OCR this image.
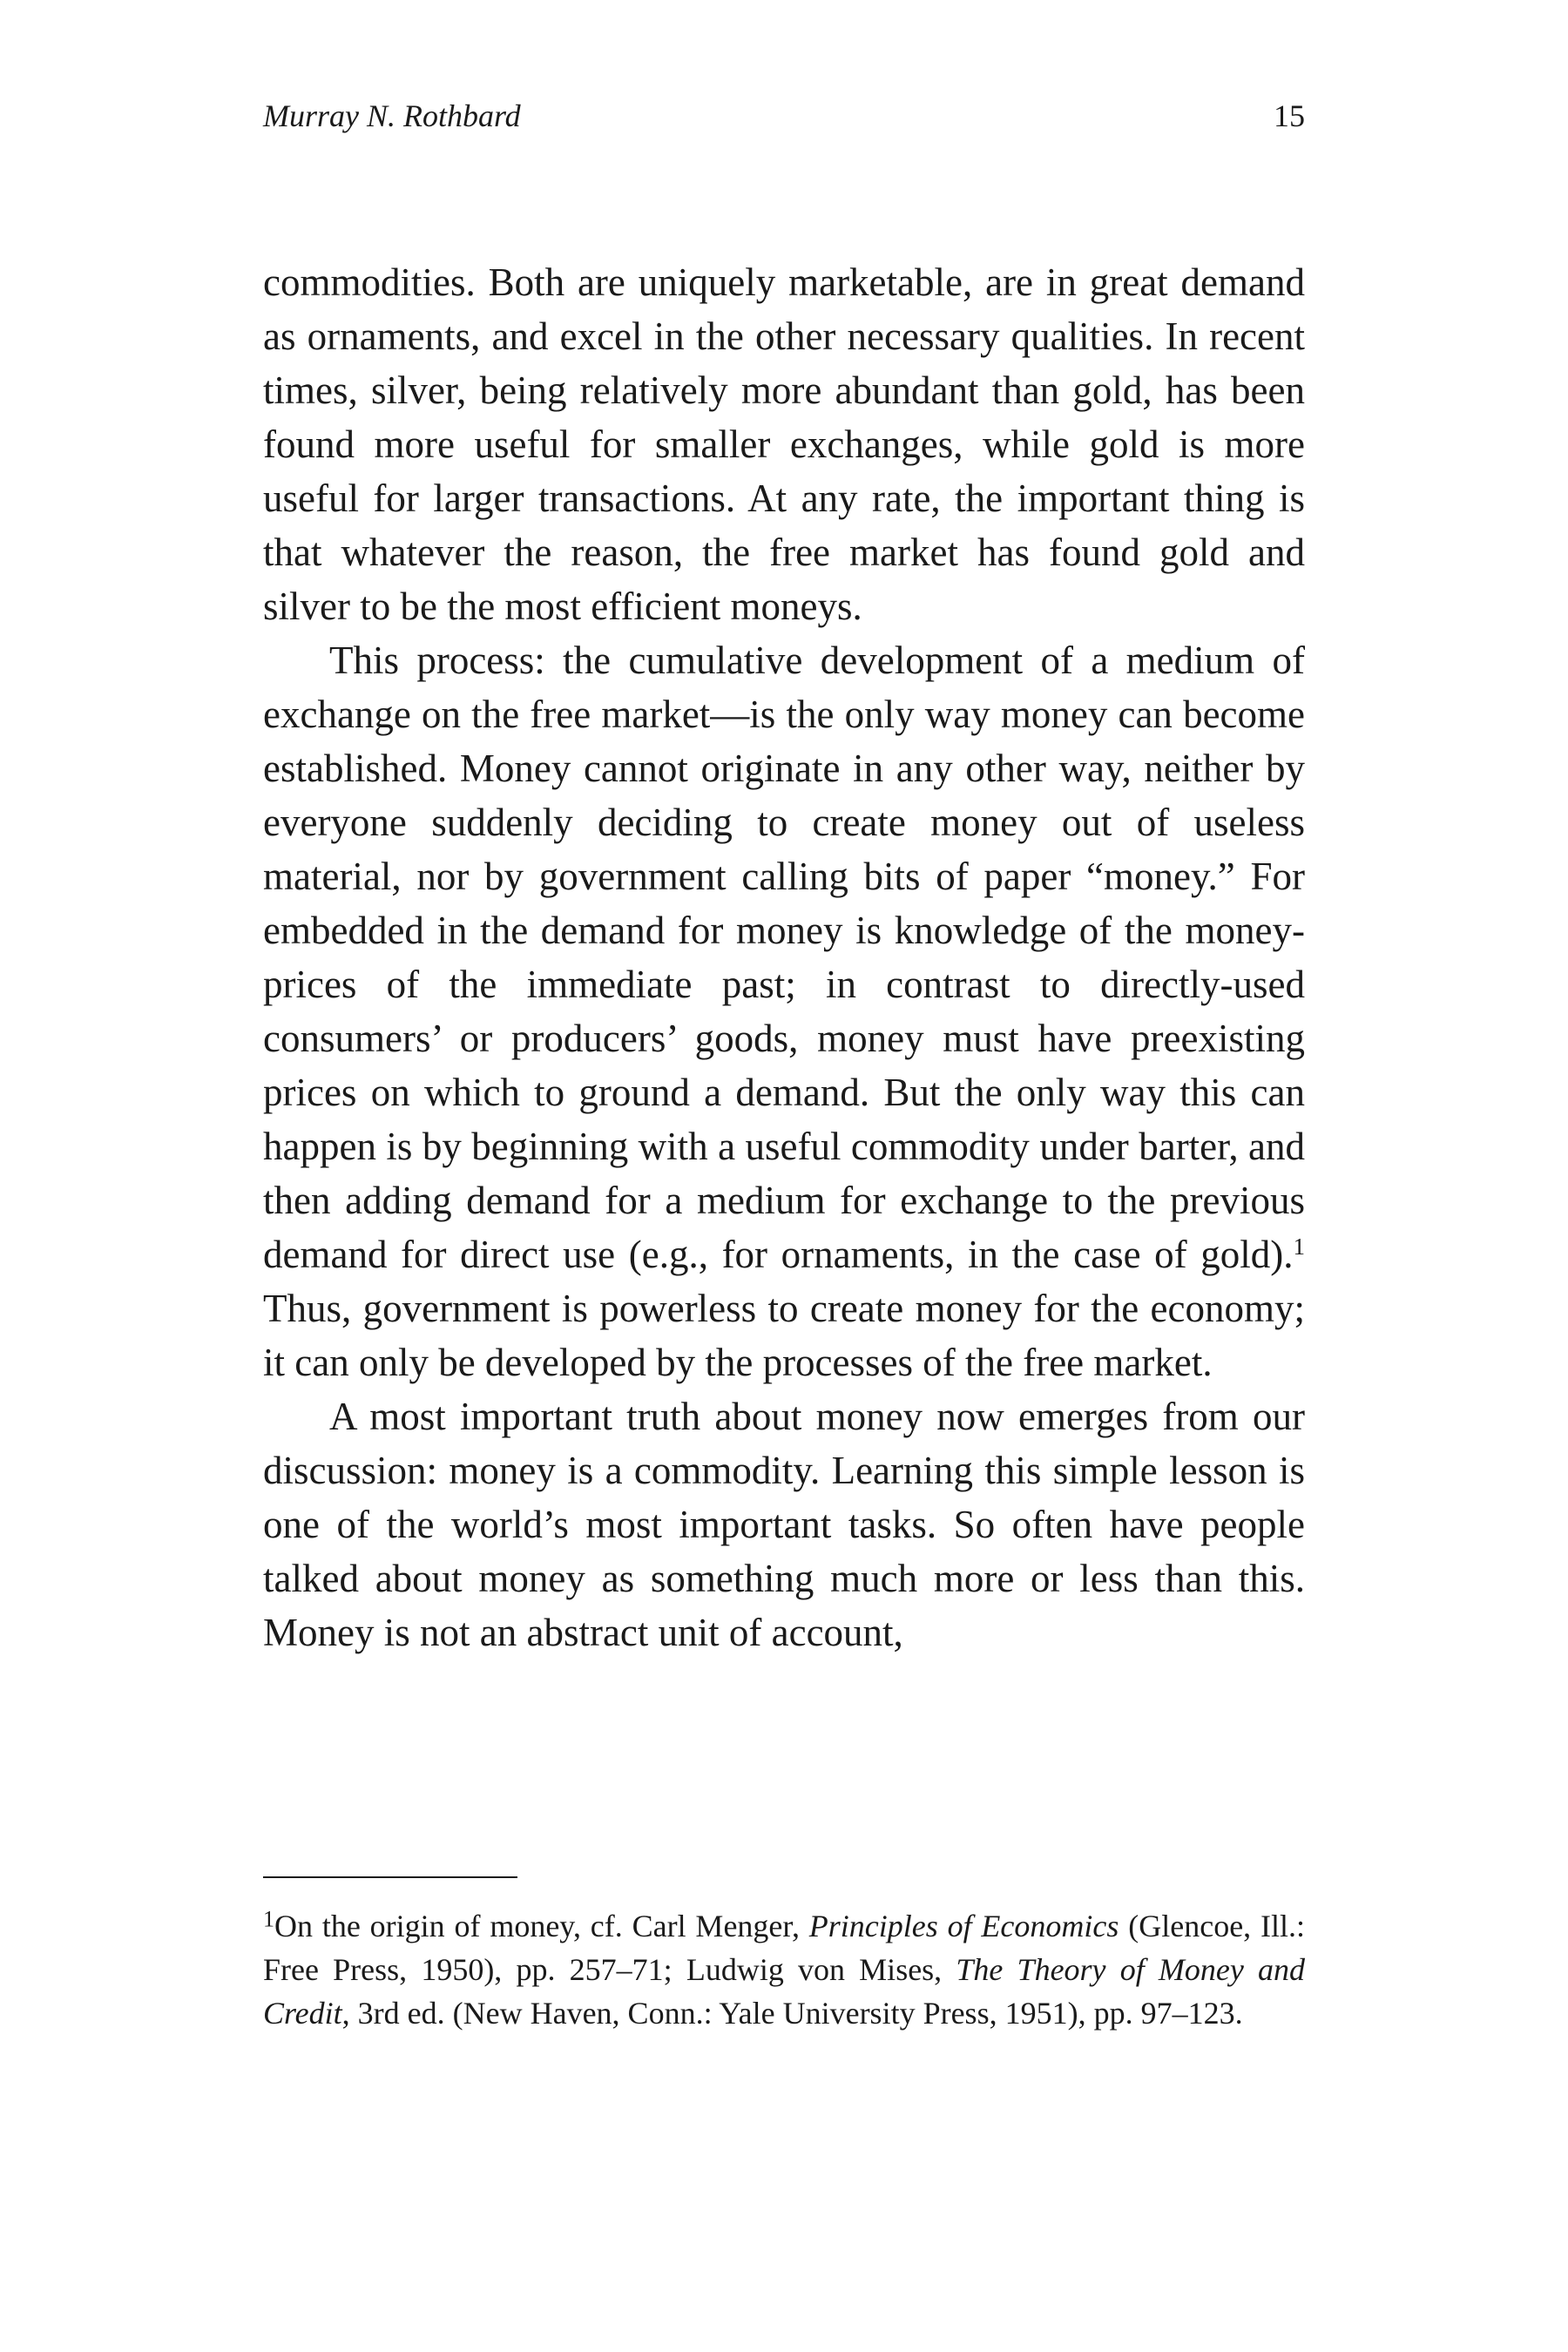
Murray N. Rothbard	15

commodities. Both are uniquely marketable, are in great demand as ornaments, and excel in the other necessary qualities. In recent times, silver, being relatively more abundant than gold, has been found more useful for smaller exchanges, while gold is more useful for larger transactions. At any rate, the important thing is that whatever the reason, the free market has found gold and silver to be the most efficient moneys.

This process: the cumulative development of a medium of exchange on the free market—is the only way money can become established. Money cannot originate in any other way, neither by everyone suddenly deciding to create money out of useless material, nor by government calling bits of paper “money.” For embedded in the demand for money is knowledge of the money-prices of the immediate past; in contrast to directly-used consumers’ or producers’ goods, money must have preexisting prices on which to ground a demand. But the only way this can happen is by beginning with a useful commodity under barter, and then adding demand for a medium for exchange to the previous demand for direct use (e.g., for ornaments, in the case of gold).$^1$ Thus, government is powerless to create money for the economy; it can only be developed by the processes of the free market.

A most important truth about money now emerges from our discussion: money is a commodity. Learning this simple lesson is one of the world’s most important tasks. So often have people talked about money as something much more or less than this. Money is not an abstract unit of account,

$^1$On the origin of money, cf. Carl Menger, Principles of Economics (Glencoe, Ill.: Free Press, 1950), pp. 257–71; Ludwig von Mises, The Theory of Money and Credit, 3rd ed. (New Haven, Conn.: Yale University Press, 1951), pp. 97–123.
